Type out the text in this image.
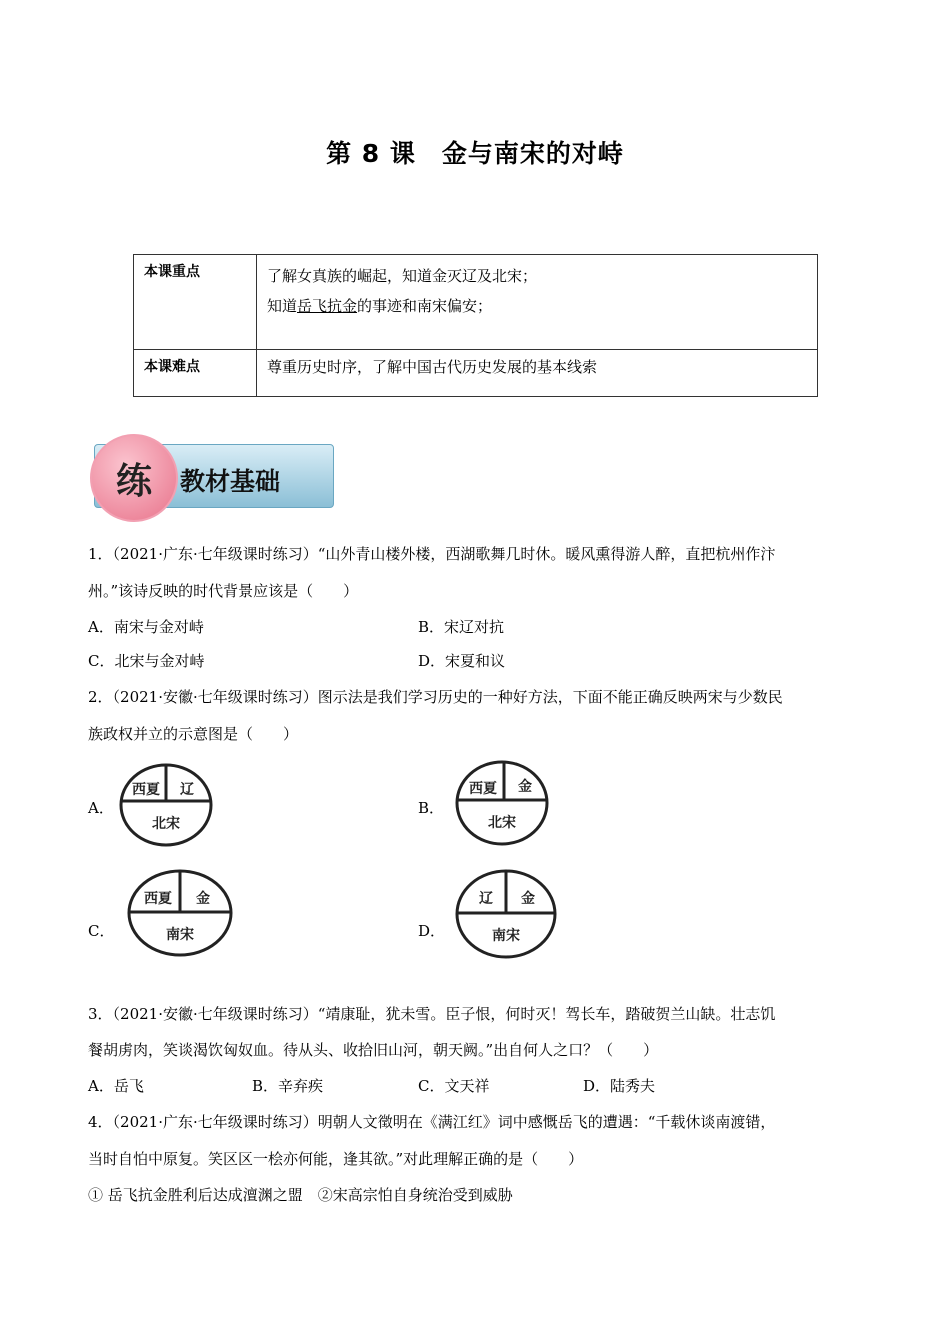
第 8 课 金与南宋的对峙
本课重点	了解女真族的崛起，知道金灭辽及北宋；
知道岳飞抗金的事迹和南宋偏安；

本课难点	尊重历史时序，了解中国古代历史发展的基本线索
练	教材基础
1．（2021·广东·七年级课时练习）“山外青山楼外楼，西湖歌舞几时休。暖风熏得游人醉，直把杭州作汴
州。”该诗反映的时代背景应该是（　　）
A．南宋与金对峙	B．宋辽对抗
C．北宋与金对峙	D．宋夏和议
2．（2021·安徽·七年级课时练习）图示法是我们学习历史的一种好方法，下面不能正确反映两宋与少数民
族政权并立的示意图是（　　）
A．
西夏	辽
北宋
B．
西夏	金
北宋
C．
西夏	金
南宋	D．
辽	金
南宋
3．（2021·安徽·七年级课时练习）“靖康耻，犹未雪。臣子恨，何时灭！驾长车，踏破贺兰山缺。壮志饥
餐胡虏肉，笑谈渴饮匈奴血。待从头、收拾旧山河，朝天阙。”出自何人之口？（　　）
A．岳飞	B．辛弃疾	C．文天祥	D．陆秀夫
4．（2021·广东·七年级课时练习）明朝人文徵明在《满江红》词中感慨岳飞的遭遇：“千载休谈南渡错，
当时自怕中原复。笑区区一桧亦何能，逢其欲。”对此理解正确的是（　　）
① 岳飞抗金胜利后达成澶渊之盟　②宋高宗怕自身统治受到威胁
